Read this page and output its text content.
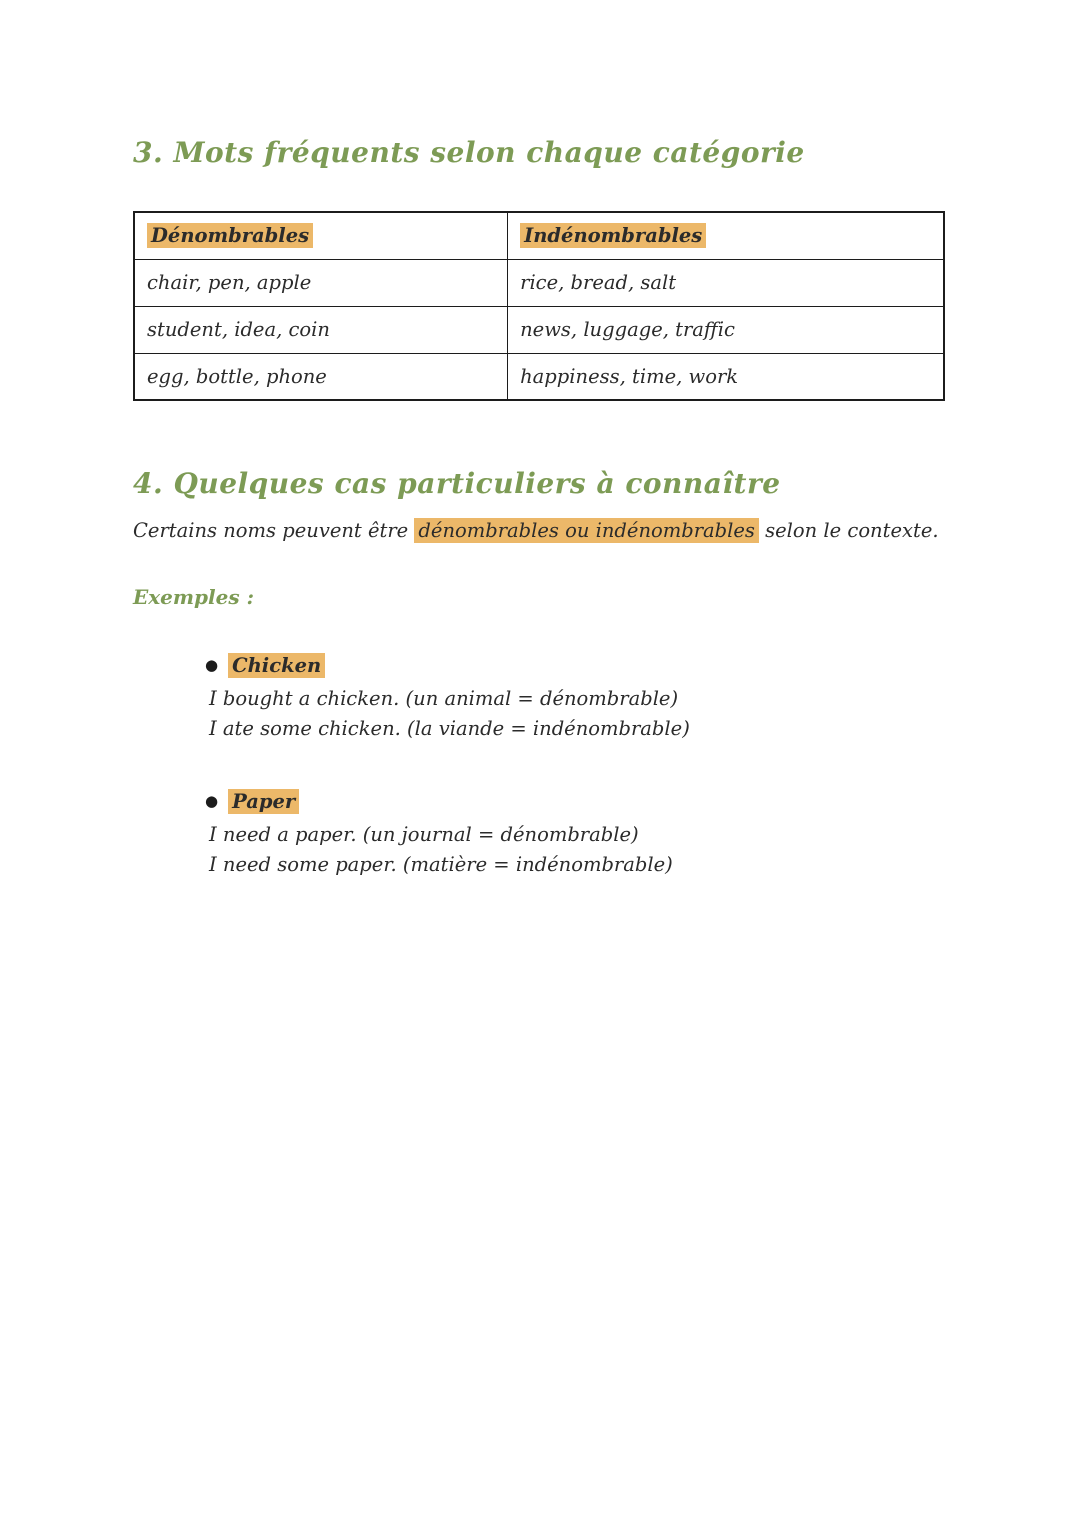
3. Mots fréquents selon chaque catégorie
Dénombrables	Indénombrables
chair, pen, apple	rice, bread, salt
student, idea, coin	news, luggage, traffic
egg, bottle, phone	happiness, time, work
4. Quelques cas particuliers à connaître

Certains noms peuvent être dénombrables ou indénombrables selon le contexte.

Exemples :
● Chicken
I bought a chicken. (un animal = dénombrable)
I ate some chicken. (la viande = indénombrable)
● Paper
I need a paper. (un journal = dénombrable)
I need some paper. (matière = indénombrable)
